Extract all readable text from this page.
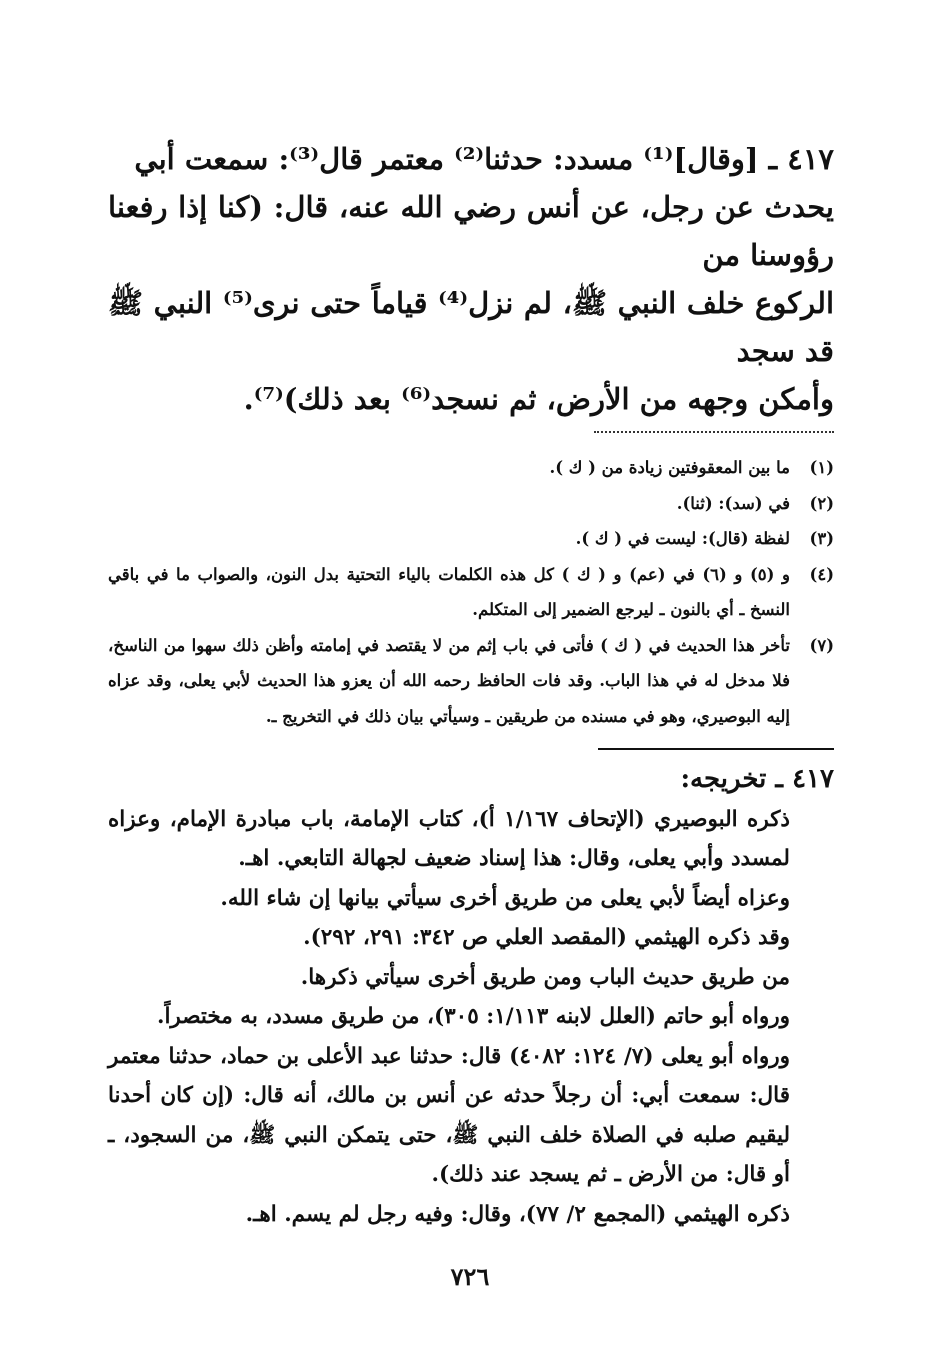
٤١٧ ـ [وقال]⁽¹⁾ مسدد: حدثنا⁽²⁾ معتمر قال⁽³⁾: سمعت أبي

يحدث عن رجل، عن أنس رضي الله عنه، قال: (كنا إذا رفعنا رؤوسنا من

الركوع خلف النبي ﷺ، لم نزل⁽⁴⁾ قياماً حتى نرى⁽⁵⁾ النبي ﷺ قد سجد

وأمكن وجهه من الأرض، ثم نسجد⁽⁶⁾ بعد ذلك)⁽⁷⁾.

(١)
ما بين المعقوفتين زيادة من ( ك ).

(٢)
في (سد): (ثنا).

(٣)
لفظة (قال): ليست في ( ك ).

(٤)
و (٥) و (٦) في (عم) و ( ك ) كل هذه الكلمات بالياء التحتية بدل النون، والصواب ما في باقي النسخ ـ أي بالنون ـ ليرجع الضمير إلى المتكلم.

(٧)
تأخر هذا الحديث في ( ك ) فأتى في باب إثم من لا يقتصد في إمامته وأظن ذلك سهوا من الناسخ، فلا مدخل له في هذا الباب. وقد فات الحافظ رحمه الله أن يعزو هذا الحديث لأبي يعلى، وقد عزاه إليه البوصيري، وهو في مسنده من طريقين ـ وسيأتي بيان ذلك في التخريج ـ.

٤١٧ ـ تخريجه:

ذكره البوصيري (الإتحاف ١/١٦٧ أ)، كتاب الإمامة، باب مبادرة الإمام، وعزاه لمسدد وأبي يعلى، وقال: هذا إسناد ضعيف لجهالة التابعي. اهـ.

وعزاه أيضاً لأبي يعلى من طريق أخرى سيأتي بيانها إن شاء الله.

وقد ذكره الهيثمي (المقصد العلي ص ٣٤٢: ٢٩١، ٢٩٢).

من طريق حديث الباب ومن طريق أخرى سيأتي ذكرها.

ورواه أبو حاتم (العلل لابنه ١/١١٣: ٣٠٥)، من طريق مسدد، به مختصراً.

ورواه أبو يعلى (٧/ ١٢٤: ٤٠٨٢) قال: حدثنا عبد الأعلى بن حماد، حدثنا معتمر قال: سمعت أبي: أن رجلاً حدثه عن أنس بن مالك، أنه قال: (إن كان أحدنا ليقيم صلبه في الصلاة خلف النبي ﷺ، حتى يتمكن النبي ﷺ، من السجود، ـ أو قال: من الأرض ـ ثم يسجد عند ذلك).

ذكره الهيثمي (المجمع ٢/ ٧٧)، وقال: وفيه رجل لم يسم. اهـ.

٧٢٦
